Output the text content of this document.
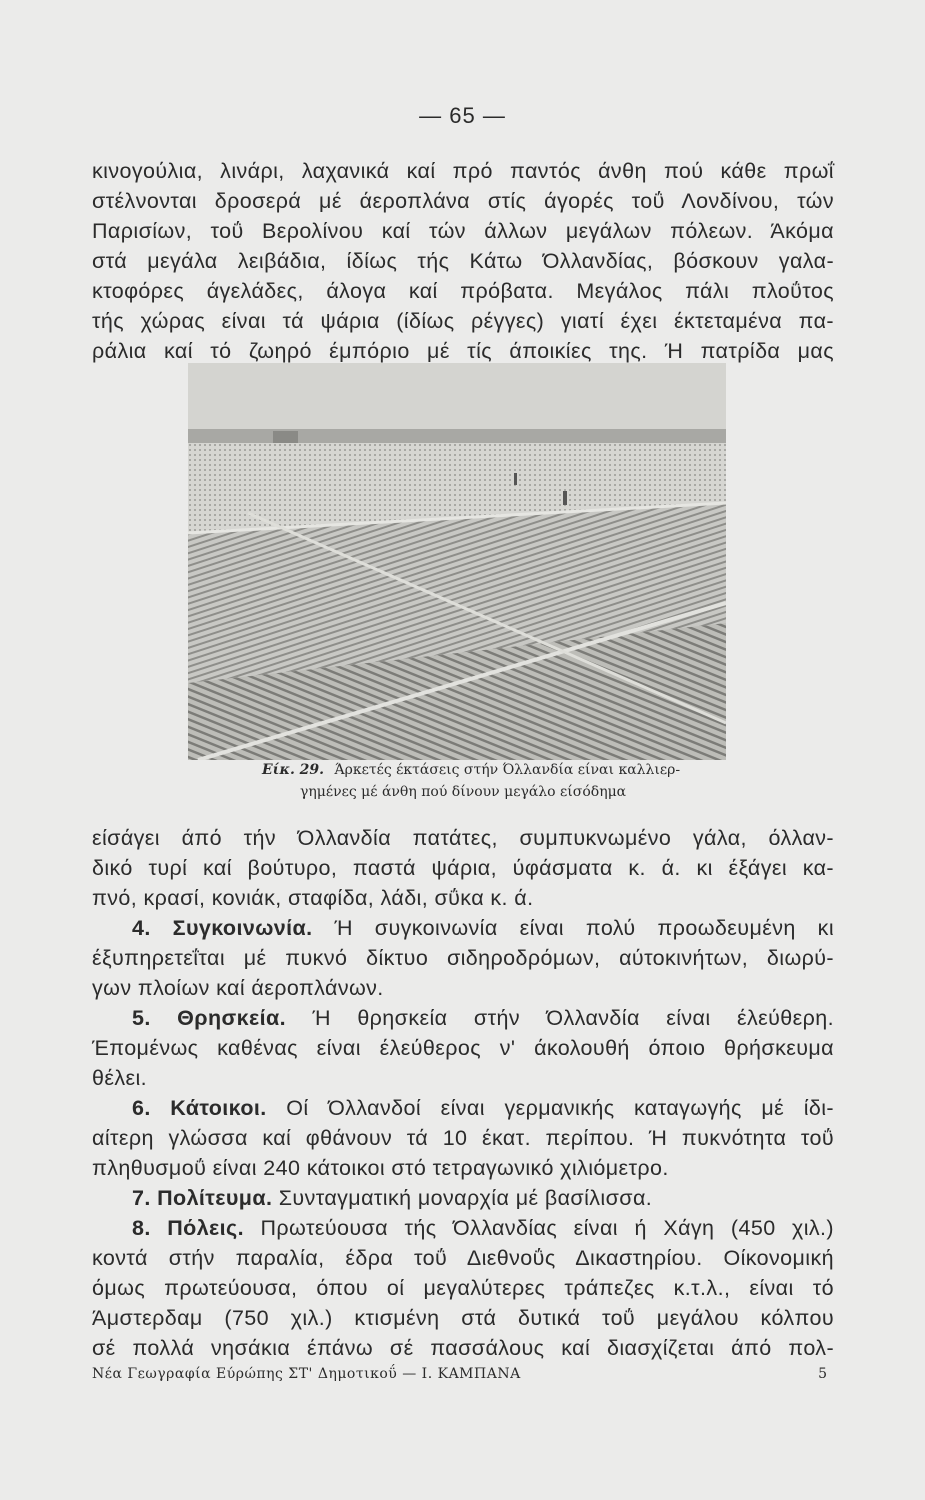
— 65 —
κινογούλια, λινάρι, λαχανικά καί πρό παντός άνθη πού κάθε πρωΐ
στέλνονται δροσερά μέ άεροπλάνα στίς άγορές τοΰ Λονδίνου, τών
Παρισίων, τοΰ Βερολίνου καί τών άλλων μεγάλων πόλεων. Άκόμα
στά μεγάλα λειβάδια, ίδίως τής Κάτω Όλλανδίας, βόσκουν γαλα-
κτοφόρες άγελάδες, άλογα καί πρόβατα. Μεγάλος πάλι πλοΰτος
τής χώρας είναι τά ψάρια (ίδίως ρέγγες) γιατί έχει έκτεταμένα πα-
ράλια καί τό ζωηρό έμπόριο μέ τίς άποικίες της. Ή πατρίδα μας
Είκ. 29. Άρκετές έκτάσεις στήν Όλλανδία είναι καλλιερ-
γημένες μέ άνθη πού δίνουν μεγάλο είσόδημα
είσάγει άπό τήν Όλλανδία πατάτες, συμπυκνωμένο γάλα, όλλαν-
δικό τυρί καί βούτυρο, παστά ψάρια, ύφάσματα κ. ά. κι έξάγει κα-
πνό, κρασί, κονιάκ, σταφίδα, λάδι, σΰκα κ. ά.
4. Συγκοινωνία. Ή συγκοινωνία είναι πολύ προωδευμένη κι
έξυπηρετεΐται μέ πυκνό δίκτυο σιδηροδρόμων, αύτοκινήτων, διωρύ-
γων πλοίων καί άεροπλάνων.
5. Θρησκεία. Ή θρησκεία στήν Όλλανδία είναι έλεύθερη.
Έπομένως καθένας είναι έλεύθερος ν' άκολουθή όποιο θρήσκευμα
θέλει.
6. Κάτοικοι. Οί Όλλανδοί είναι γερμανικής καταγωγής μέ ίδι-
αίτερη γλώσσα καί φθάνουν τά 10 έκατ. περίπου. Ή πυκνότητα τοΰ
πληθυσμοΰ είναι 240 κάτοικοι στό τετραγωνικό χιλιόμετρο.
7. Πολίτευμα. Συνταγματική μοναρχία μέ βασίλισσα.
8. Πόλεις. Πρωτεύουσα τής Όλλανδίας είναι ή Χάγη (450 χιλ.)
κοντά στήν παραλία, έδρα τοΰ Διεθνοΰς Δικαστηρίου. Οίκονομική
όμως πρωτεύουσα, όπου οί μεγαλύτερες τράπεζες κ.τ.λ., είναι τό
Άμστερδαμ (750 χιλ.) κτισμένη στά δυτικά τοΰ μεγάλου κόλπου
σέ πολλά νησάκια έπάνω σέ πασσάλους καί διασχίζεται άπό πολ-
Νέα Γεωγραφία Εύρώπης ΣΤ' Δημοτικοΰ — Ι. ΚΑΜΠΑΝΑ	5
